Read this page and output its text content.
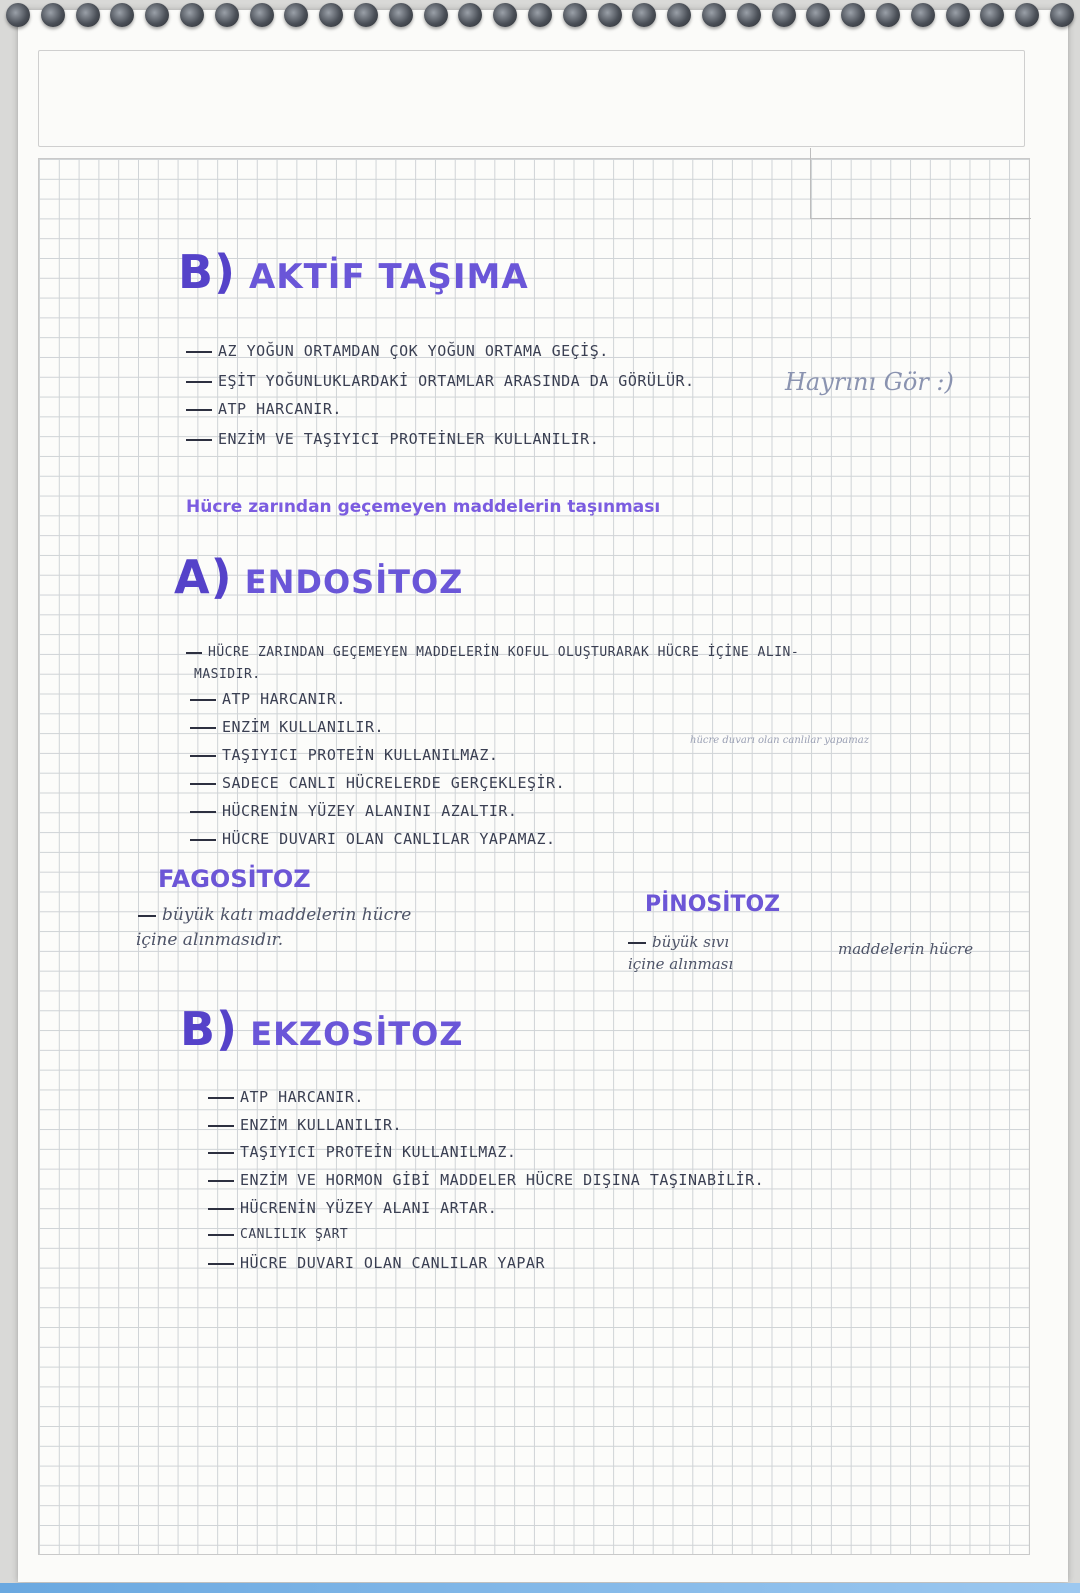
B) AKTİF TAŞIMA
AZ YOĞUN ORTAMDAN ÇOK YOĞUN ORTAMA GEÇİŞ.
EŞİT YOĞUNLUKLARDAKİ ORTAMLAR ARASINDA DA GÖRÜLÜR.
ATP HARCANIR.
ENZİM VE TAŞIYICI PROTEİNLER KULLANILIR.
Hayrını Gör :)
Hücre zarından geçemeyen maddelerin taşınması
A) ENDOSİTOZ
HÜCRE ZARINDAN GEÇEMEYEN MADDELERİN KOFUL OLUŞTURARAK HÜCRE İÇİNE ALIN-
MASIDIR.
ATP HARCANIR.
ENZİM KULLANILIR.
TAŞIYICI PROTEİN KULLANILMAZ.
SADECE CANLI HÜCRELERDE GERÇEKLEŞİR.
HÜCRENİN YÜZEY ALANINI AZALTIR.
HÜCRE DUVARI OLAN CANLILAR YAPAMAZ.
hücre duvarı olan canlılar yapamaz
FAGOSİTOZ
büyük katı maddelerin hücre
içine alınmasıdır.
PİNOSİTOZ
büyük sıvı	maddelerin hücre
içine alınması
B) EKZOSİTOZ
ATP HARCANIR.
ENZİM KULLANILIR.
TAŞIYICI PROTEİN KULLANILMAZ.
ENZİM VE HORMON GİBİ MADDELER HÜCRE DIŞINA TAŞINABİLİR.
HÜCRENİN YÜZEY ALANI ARTAR.
CANLILIK ŞART
HÜCRE DUVARI OLAN CANLILAR YAPAR
